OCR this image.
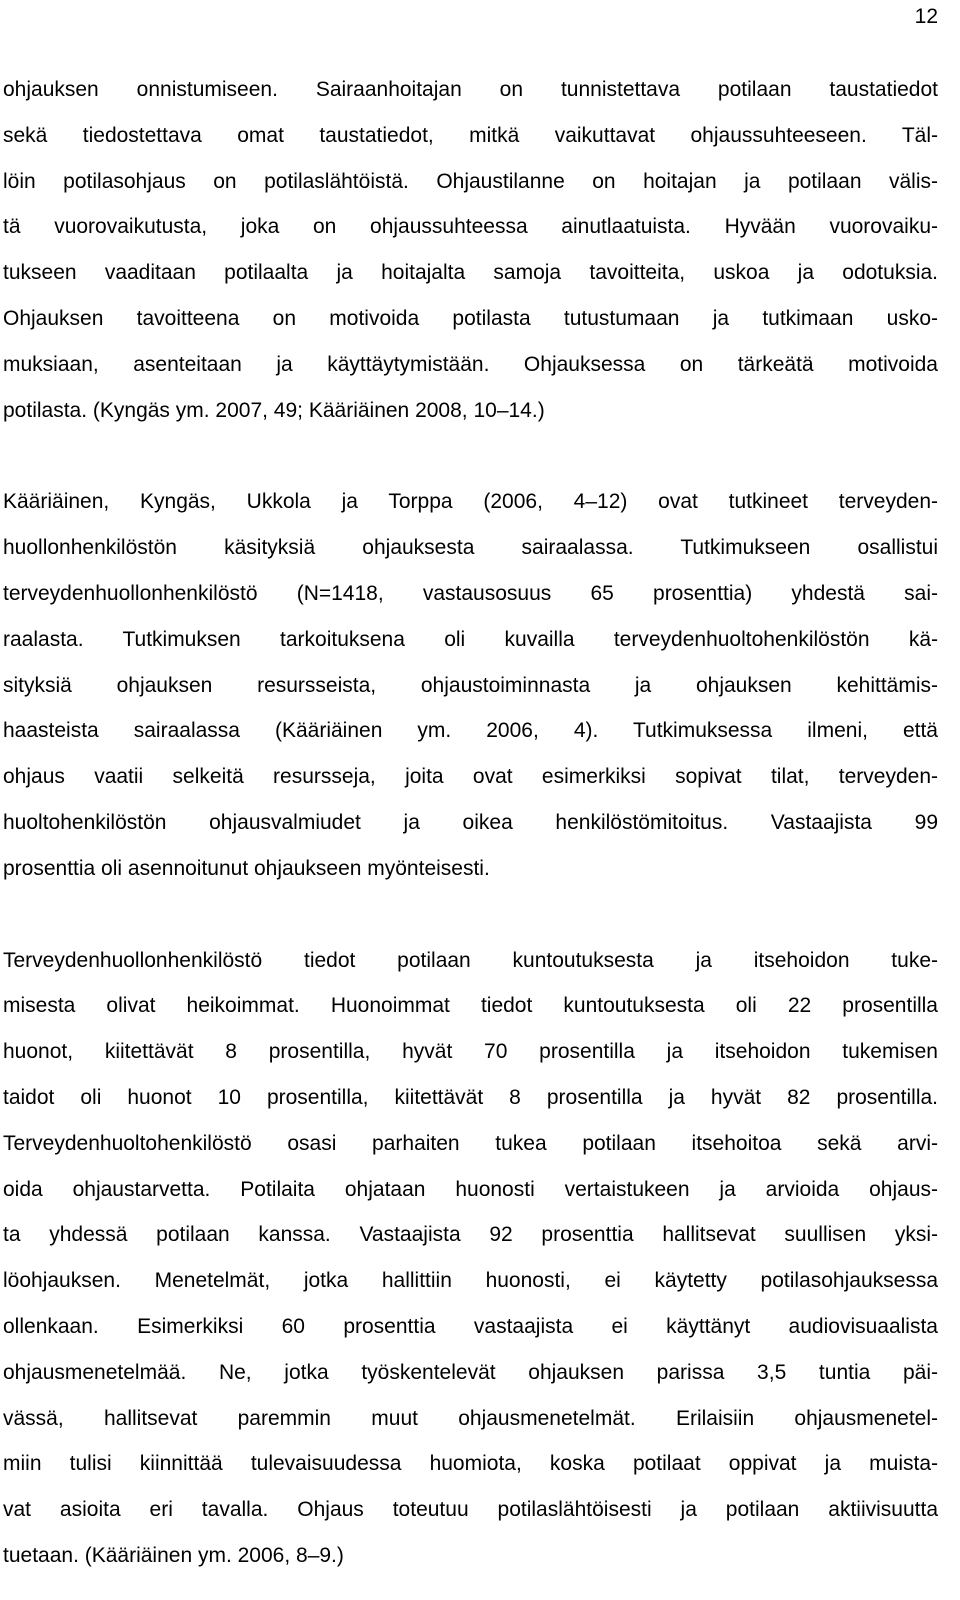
12
ohjauksen onnistumiseen. Sairaanhoitajan on tunnistettava potilaan taustatiedot
sekä tiedostettava omat taustatiedot, mitkä vaikuttavat ohjaussuhteeseen. Täl-
löin potilasohjaus on potilaslähtöistä. Ohjaustilanne on hoitajan ja potilaan välis-
tä vuorovaikutusta, joka on ohjaussuhteessa ainutlaatuista. Hyvään vuorovaiku-
tukseen vaaditaan potilaalta ja hoitajalta samoja tavoitteita, uskoa ja odotuksia.
Ohjauksen tavoitteena on motivoida potilasta tutustumaan ja tutkimaan usko-
muksiaan, asenteitaan ja käyttäytymistään. Ohjauksessa on tärkeätä motivoida
potilasta. (Kyngäs ym. 2007, 49; Kääriäinen 2008, 10–14.)
Kääriäinen, Kyngäs, Ukkola ja Torppa (2006, 4–12) ovat tutkineet terveyden-
huollonhenkilöstön käsityksiä ohjauksesta sairaalassa. Tutkimukseen osallistui
terveydenhuollonhenkilöstö (N=1418, vastausosuus 65 prosenttia) yhdestä sai-
raalasta. Tutkimuksen tarkoituksena oli kuvailla terveydenhuoltohenkilöstön kä-
sityksiä ohjauksen resursseista, ohjaustoiminnasta ja ohjauksen kehittämis-
haasteista sairaalassa (Kääriäinen ym. 2006, 4). Tutkimuksessa ilmeni, että
ohjaus vaatii selkeitä resursseja, joita ovat esimerkiksi sopivat tilat, terveyden-
huoltohenkilöstön ohjausvalmiudet ja oikea henkilöstömitoitus. Vastaajista 99
prosenttia oli asennoitunut ohjaukseen myönteisesti.
Terveydenhuollonhenkilöstö tiedot potilaan kuntoutuksesta ja itsehoidon tuke-
misesta olivat heikoimmat. Huonoimmat tiedot kuntoutuksesta oli 22 prosentilla
huonot, kiitettävät 8 prosentilla, hyvät 70 prosentilla ja itsehoidon tukemisen
taidot oli huonot 10 prosentilla, kiitettävät 8 prosentilla ja hyvät 82 prosentilla.
Terveydenhuoltohenkilöstö osasi parhaiten tukea potilaan itsehoitoa sekä arvi-
oida ohjaustarvetta. Potilaita ohjataan huonosti vertaistukeen ja arvioida ohjaus-
ta yhdessä potilaan kanssa. Vastaajista 92 prosenttia hallitsevat suullisen yksi-
löohjauksen. Menetelmät, jotka hallittiin huonosti, ei käytetty potilasohjauksessa
ollenkaan. Esimerkiksi 60 prosenttia vastaajista ei käyttänyt audiovisuaalista
ohjausmenetelmää. Ne, jotka työskentelevät ohjauksen parissa 3,5 tuntia päi-
vässä, hallitsevat paremmin muut ohjausmenetelmät. Erilaisiin ohjausmenetel-
miin tulisi kiinnittää tulevaisuudessa huomiota, koska potilaat oppivat ja muista-
vat asioita eri tavalla. Ohjaus toteutuu potilaslähtöisesti ja potilaan aktiivisuutta
tuetaan. (Kääriäinen ym. 2006, 8–9.)
